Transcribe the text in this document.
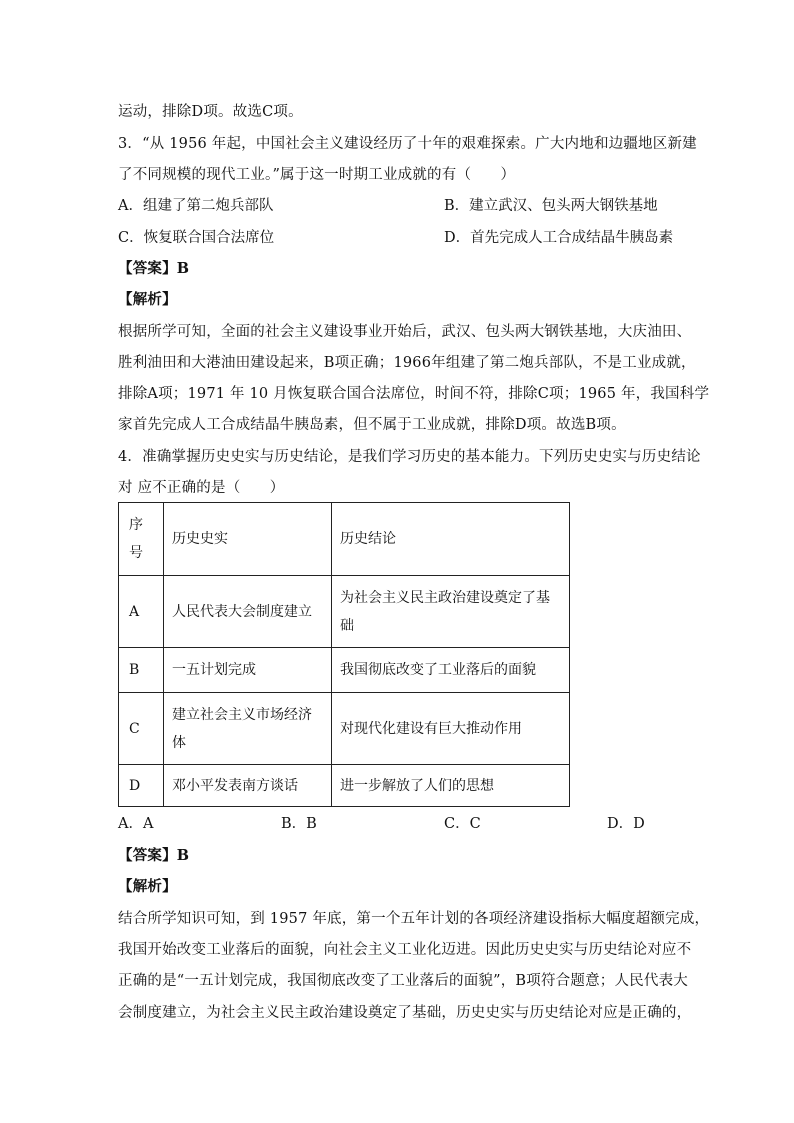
运动，排除D项。故选C项。
3．“从 1956 年起，中国社会主义建设经历了十年的艰难探索。广大内地和边疆地区新建
了不同规模的现代工业。”属于这一时期工业成就的有（　　）
A．组建了第二炮兵部队	B．建立武汉、包头两大钢铁基地
C．恢复联合国合法席位	D．首先完成人工合成结晶牛胰岛素
【答案】B
【解析】
根据所学可知，全面的社会主义建设事业开始后，武汉、包头两大钢铁基地，大庆油田、
胜利油田和大港油田建设起来，B项正确；1966年组建了第二炮兵部队，不是工业成就，
排除A项；1971 年 10 月恢复联合国合法席位，时间不符，排除C项；1965 年，我国科学
家首先完成人工合成结晶牛胰岛素，但不属于工业成就，排除D项。故选B项。
4．准确掌握历史史实与历史结论，是我们学习历史的基本能力。下列历史史实与历史结论
对 应不正确的是（　　）
序
号	历史史实	历史结论
A	人民代表大会制度建立	为社会主义民主政治建设奠定了基
础

B	一五计划完成	我国彻底改变了工业落后的面貌
C	建立社会主义市场经济
体	对现代化建设有巨大推动作用
D	邓小平发表南方谈话	进一步解放了人们的思想
A．A	B．B	C．C	D．D
【答案】B
【解析】
结合所学知识可知，到 1957 年底，第一个五年计划的各项经济建设指标大幅度超额完成，
我国开始改变工业落后的面貌，向社会主义工业化迈进。因此历史史实与历史结论对应不
正确的是“一五计划完成，我国彻底改变了工业落后的面貌”，B项符合题意；人民代表大
会制度建立，为社会主义民主政治建设奠定了基础，历史史实与历史结论对应是正确的，
